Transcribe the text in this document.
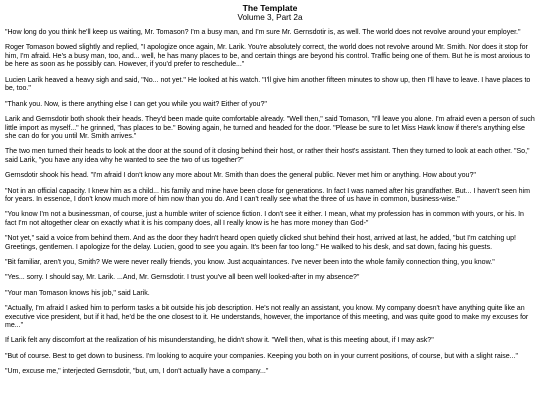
The Template
Volume 3, Part 2a

"How long do you think he'll keep us waiting, Mr. Tomason? I'm a busy man, and I'm sure Mr. Gernsdotir is, as well. The world does not revolve around your employer."

Roger Tomason bowed slightly and replied, "I apologize once again, Mr. Larik. You're absolutely correct, the world does not revolve around Mr. Smith. Nor does it stop for him, I'm afraid. He's a busy man, too, and... well, he has many places to be, and certain things are beyond his control. Traffic being one of them. But he is most anxious to be here as soon as he possibly can. However, if you'd prefer to reschedule..."

Lucien Larik heaved a heavy sigh and said, "No... not yet." He looked at his watch. "I'll give him another fifteen minutes to show up, then I'll have to leave. I have places to be, too."

"Thank you. Now, is there anything else I can get you while you wait? Either of you?"

Larik and Gernsdotir both shook their heads. They'd been made quite comfortable already. "Well then," said Tomason, "I'll leave you alone. I'm afraid even a person of such little import as myself..." he grinned, "has places to be." Bowing again, he turned and headed for the door. "Please be sure to let Miss Hawk know if there's anything else she can do for you until Mr. Smith arrives."

The two men turned their heads to look at the door at the sound of it closing behind their host, or rather their host's assistant. Then they turned to look at each other. "So," said Larik, "you have any idea why he wanted to see the two of us together?"

Gernsdotir shook his head. "I'm afraid I don't know any more about Mr. Smith than does the general public. Never met him or anything. How about you?"

"Not in an official capacity. I knew him as a child... his family and mine have been close for generations. In fact I was named after his grandfather. But... I haven't seen him for years. In essence, I don't know much more of him now than you do. And I can't really see what the three of us have in common, business-wise."

"You know I'm not a businessman, of course, just a humble writer of science fiction. I don't see it either. I mean, what my profession has in common with yours, or his. In fact I'm not altogether clear on exactly what it is his company does, all I really know is he has more money than God-"

"Not yet," said a voice from behind them. And as the door they hadn't heard open quietly clicked shut behind their host, arrived at last, he added, "but I'm catching up! Greetings, gentlemen. I apologize for the delay. Lucien, good to see you again. It's been far too long." He walked to his desk, and sat down, facing his guests.

"Bit familiar, aren't you, Smith? We were never really friends, you know. Just acquaintances. I've never been into the whole family connection thing, you know."

"Yes... sorry. I should say, Mr. Larik. ...And, Mr. Gernsdotir. I trust you've all been well looked-after in my absence?"

"Your man Tomason knows his job," said Larik.

"Actually, I'm afraid I asked him to perform tasks a bit outside his job description. He's not really an assistant, you know. My company doesn't have anything quite like an executive vice president, but if it had, he'd be the one closest to it. He understands, however, the importance of this meeting, and was quite good to make my excuses for me..."

If Larik felt any discomfort at the realization of his misunderstanding, he didn't show it. "Well then, what is this meeting about, if I may ask?"

"But of course. Best to get down to business. I'm looking to acquire your companies. Keeping you both on in your current positions, of course, but with a slight raise..."

"Um, excuse me," interjected Gernsdotir, "but, um, I don't actually have a company..."
